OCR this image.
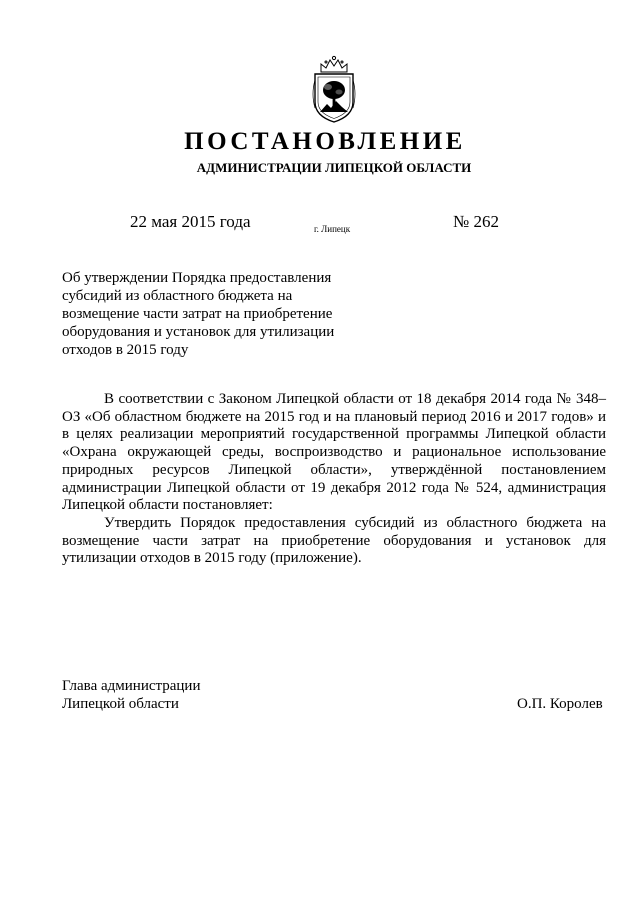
ПОСТАНОВЛЕНИЕ
АДМИНИСТРАЦИИ ЛИПЕЦКОЙ ОБЛАСТИ
22 мая 2015 года	г. Липецк	№ 262
Об утверждении Порядка предоставления
субсидий из областного бюджета на
возмещение части затрат на приобретение
оборудования и установок для утилизации
отходов в 2015 году

В соответствии с Законом Липецкой области от 18 декабря 2014 года № 348–ОЗ «Об областном бюджете на 2015 год и на плановый период 2016 и 2017 годов» и в целях реализации мероприятий государственной программы Липецкой области «Охрана окружающей среды, воспроизводство и рациональное использование природных ресурсов Липецкой области», утверждённой постановлением администрации Липецкой области от 19 декабря 2012 года № 524, администрация Липецкой области постановляет:

Утвердить Порядок предоставления субсидий из областного бюджета на возмещение части затрат на приобретение оборудования и установок для утилизации отходов в 2015 году (приложение).

Глава администрации
Липецкой области	О.П. Королев
